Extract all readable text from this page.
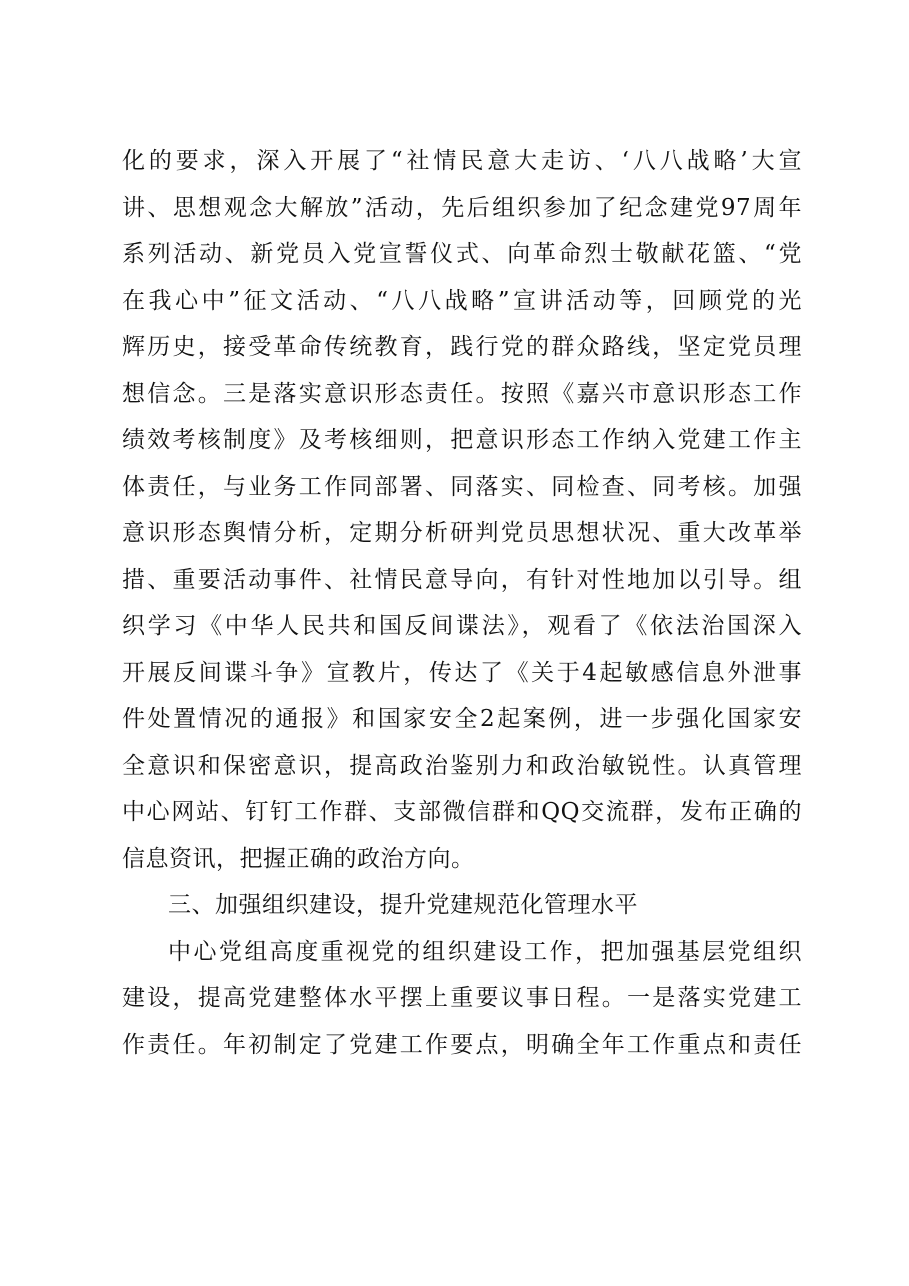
化的要求，深入开展了“社情民意大走访、‘八八战略’大宣
讲、思想观念大解放”活动，先后组织参加了纪念建党97周年
系列活动、新党员入党宣誓仪式、向革命烈士敬献花篮、“党
在我心中”征文活动、“八八战略”宣讲活动等，回顾党的光
辉历史，接受革命传统教育，践行党的群众路线，坚定党员理
想信念。三是落实意识形态责任。按照《嘉兴市意识形态工作
绩效考核制度》及考核细则，把意识形态工作纳入党建工作主
体责任，与业务工作同部署、同落实、同检查、同考核。加强
意识形态舆情分析，定期分析研判党员思想状况、重大改革举
措、重要活动事件、社情民意导向，有针对性地加以引导。组
织学习《中华人民共和国反间谍法》，观看了《依法治国深入
开展反间谍斗争》宣教片，传达了《关于4起敏感信息外泄事
件处置情况的通报》和国家安全2起案例，进一步强化国家安
全意识和保密意识，提高政治鉴别力和政治敏锐性。认真管理
中心网站、钉钉工作群、支部微信群和QQ交流群，发布正确的
信息资讯，把握正确的政治方向。
三、加强组织建设，提升党建规范化管理水平
中心党组高度重视党的组织建设工作，把加强基层党组织
建设，提高党建整体水平摆上重要议事日程。一是落实党建工
作责任。年初制定了党建工作要点，明确全年工作重点和责任
